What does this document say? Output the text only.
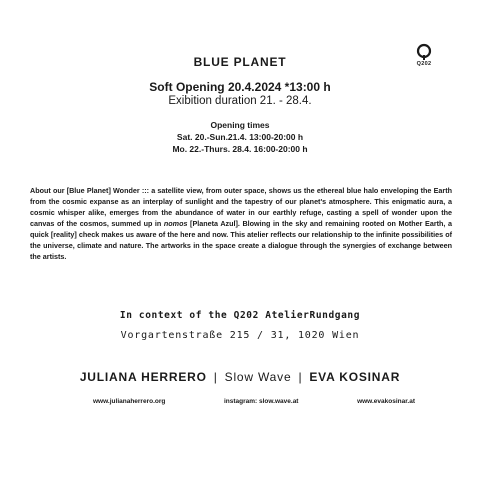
BLUE PLANET	Q202
Soft Opening 20.4.2024 *13:00 h
Exibition duration 21. - 28.4.
Opening times
Sat. 20.-Sun.21.4. 13:00-20:00 h
Mo. 22.-Thurs. 28.4. 16:00-20:00 h
About our [Blue Planet] Wonder ::: a satellite view, from outer space, shows us the ethereal blue halo enveloping the Earth from the cosmic expanse as an interplay of sunlight and the tapestry of our planet's atmosphere. This enigmatic aura, a cosmic whisper alike, emerges from the abundance of water in our earthly refuge, casting a spell of wonder upon the canvas of the cosmos, summed up in nomos [Planeta Azul]. Blowing in the sky and remaining rooted on Mother Earth, a quick [reality] check makes us aware of the here and now. This atelier reflects our relationship to the infinite possibilities of the universe, climate and nature. The artworks in the space create a dialogue through the synergies of exchange between the artists.
In context of the Q202 AtelierRundgang
Vorgartenstraße 215 / 31, 1020 Wien
JULIANA HERRERO | Slow Wave | EVA KOSINAR
www.julianaherrero.org	instagram: slow.wave.at	www.evakosinar.at
